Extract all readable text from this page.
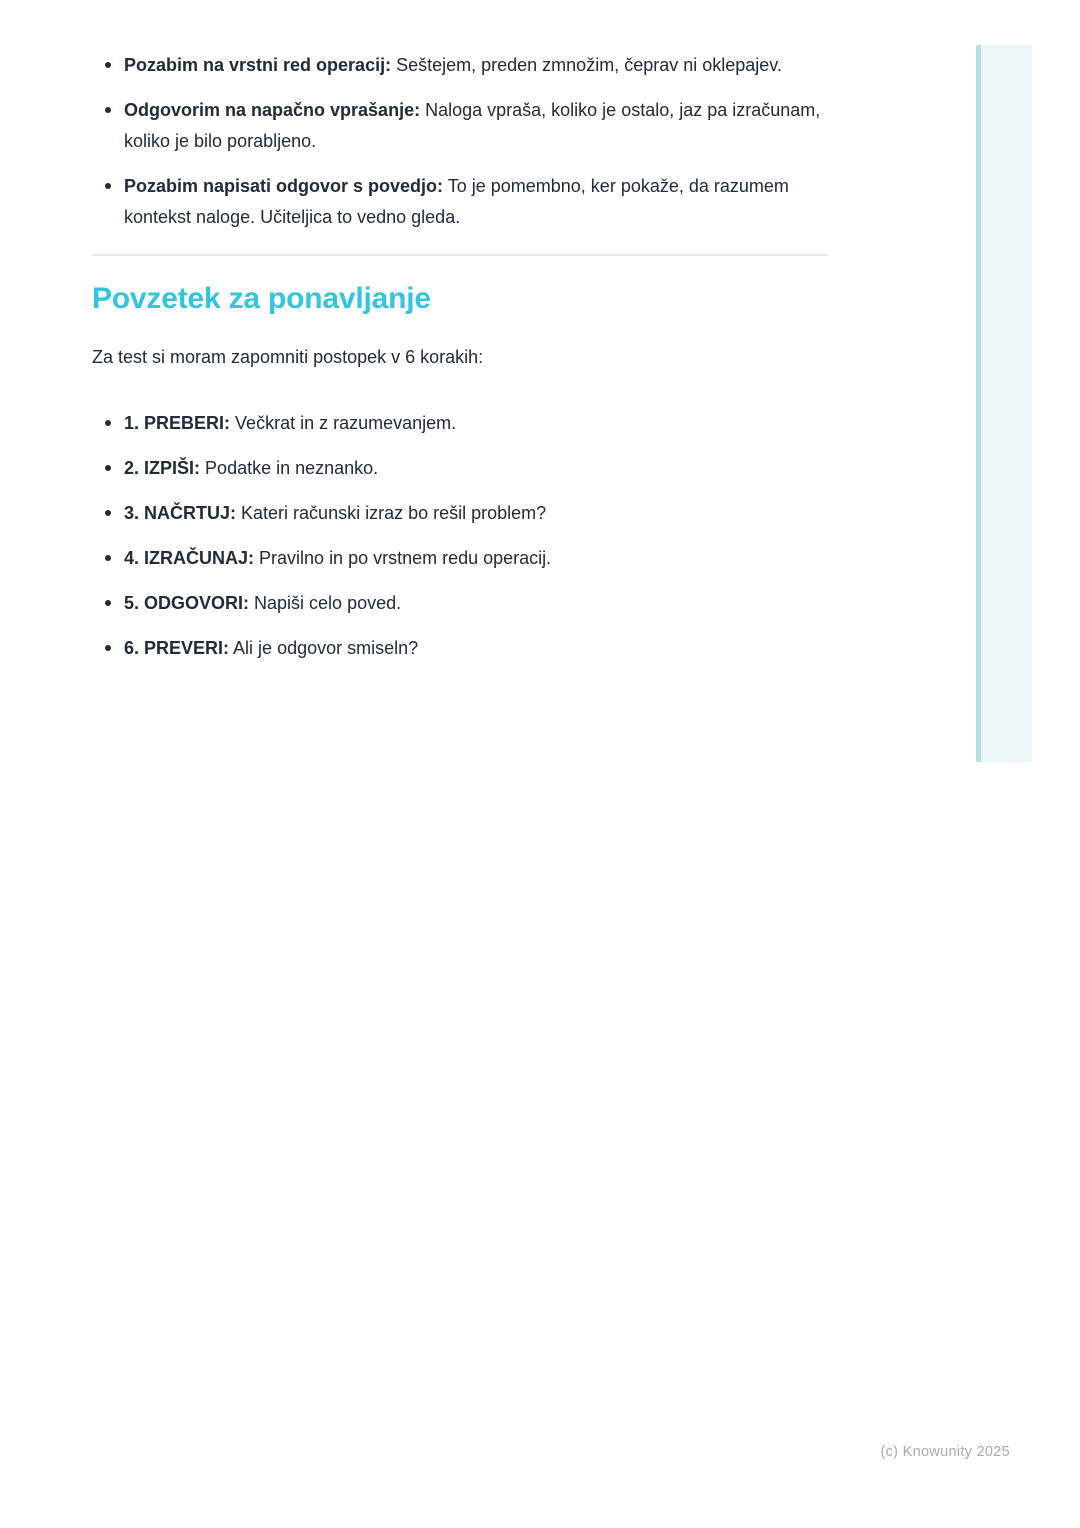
Pozabim na vrstni red operacij: Seštejem, preden zmnožim, čeprav ni oklepajev.
Odgovorim na napačno vprašanje: Naloga vpraša, koliko je ostalo, jaz pa izračunam, koliko je bilo porabljeno.
Pozabim napisati odgovor s povedjo: To je pomembno, ker pokaže, da razumem kontekst naloge. Učiteljica to vedno gleda.
Povzetek za ponavljanje

Za test si moram zapomniti postopek v 6 korakih:

1. PREBERI: Večkrat in z razumevanjem.
2. IZPIŠI: Podatke in neznanko.
3. NAČRTUJ: Kateri računski izraz bo rešil problem?
4. IZRAČUNAJ: Pravilno in po vrstnem redu operacij.
5. ODGOVORI: Napiši celo poved.
6. PREVERI: Ali je odgovor smiseln?
(c) Knowunity 2025
